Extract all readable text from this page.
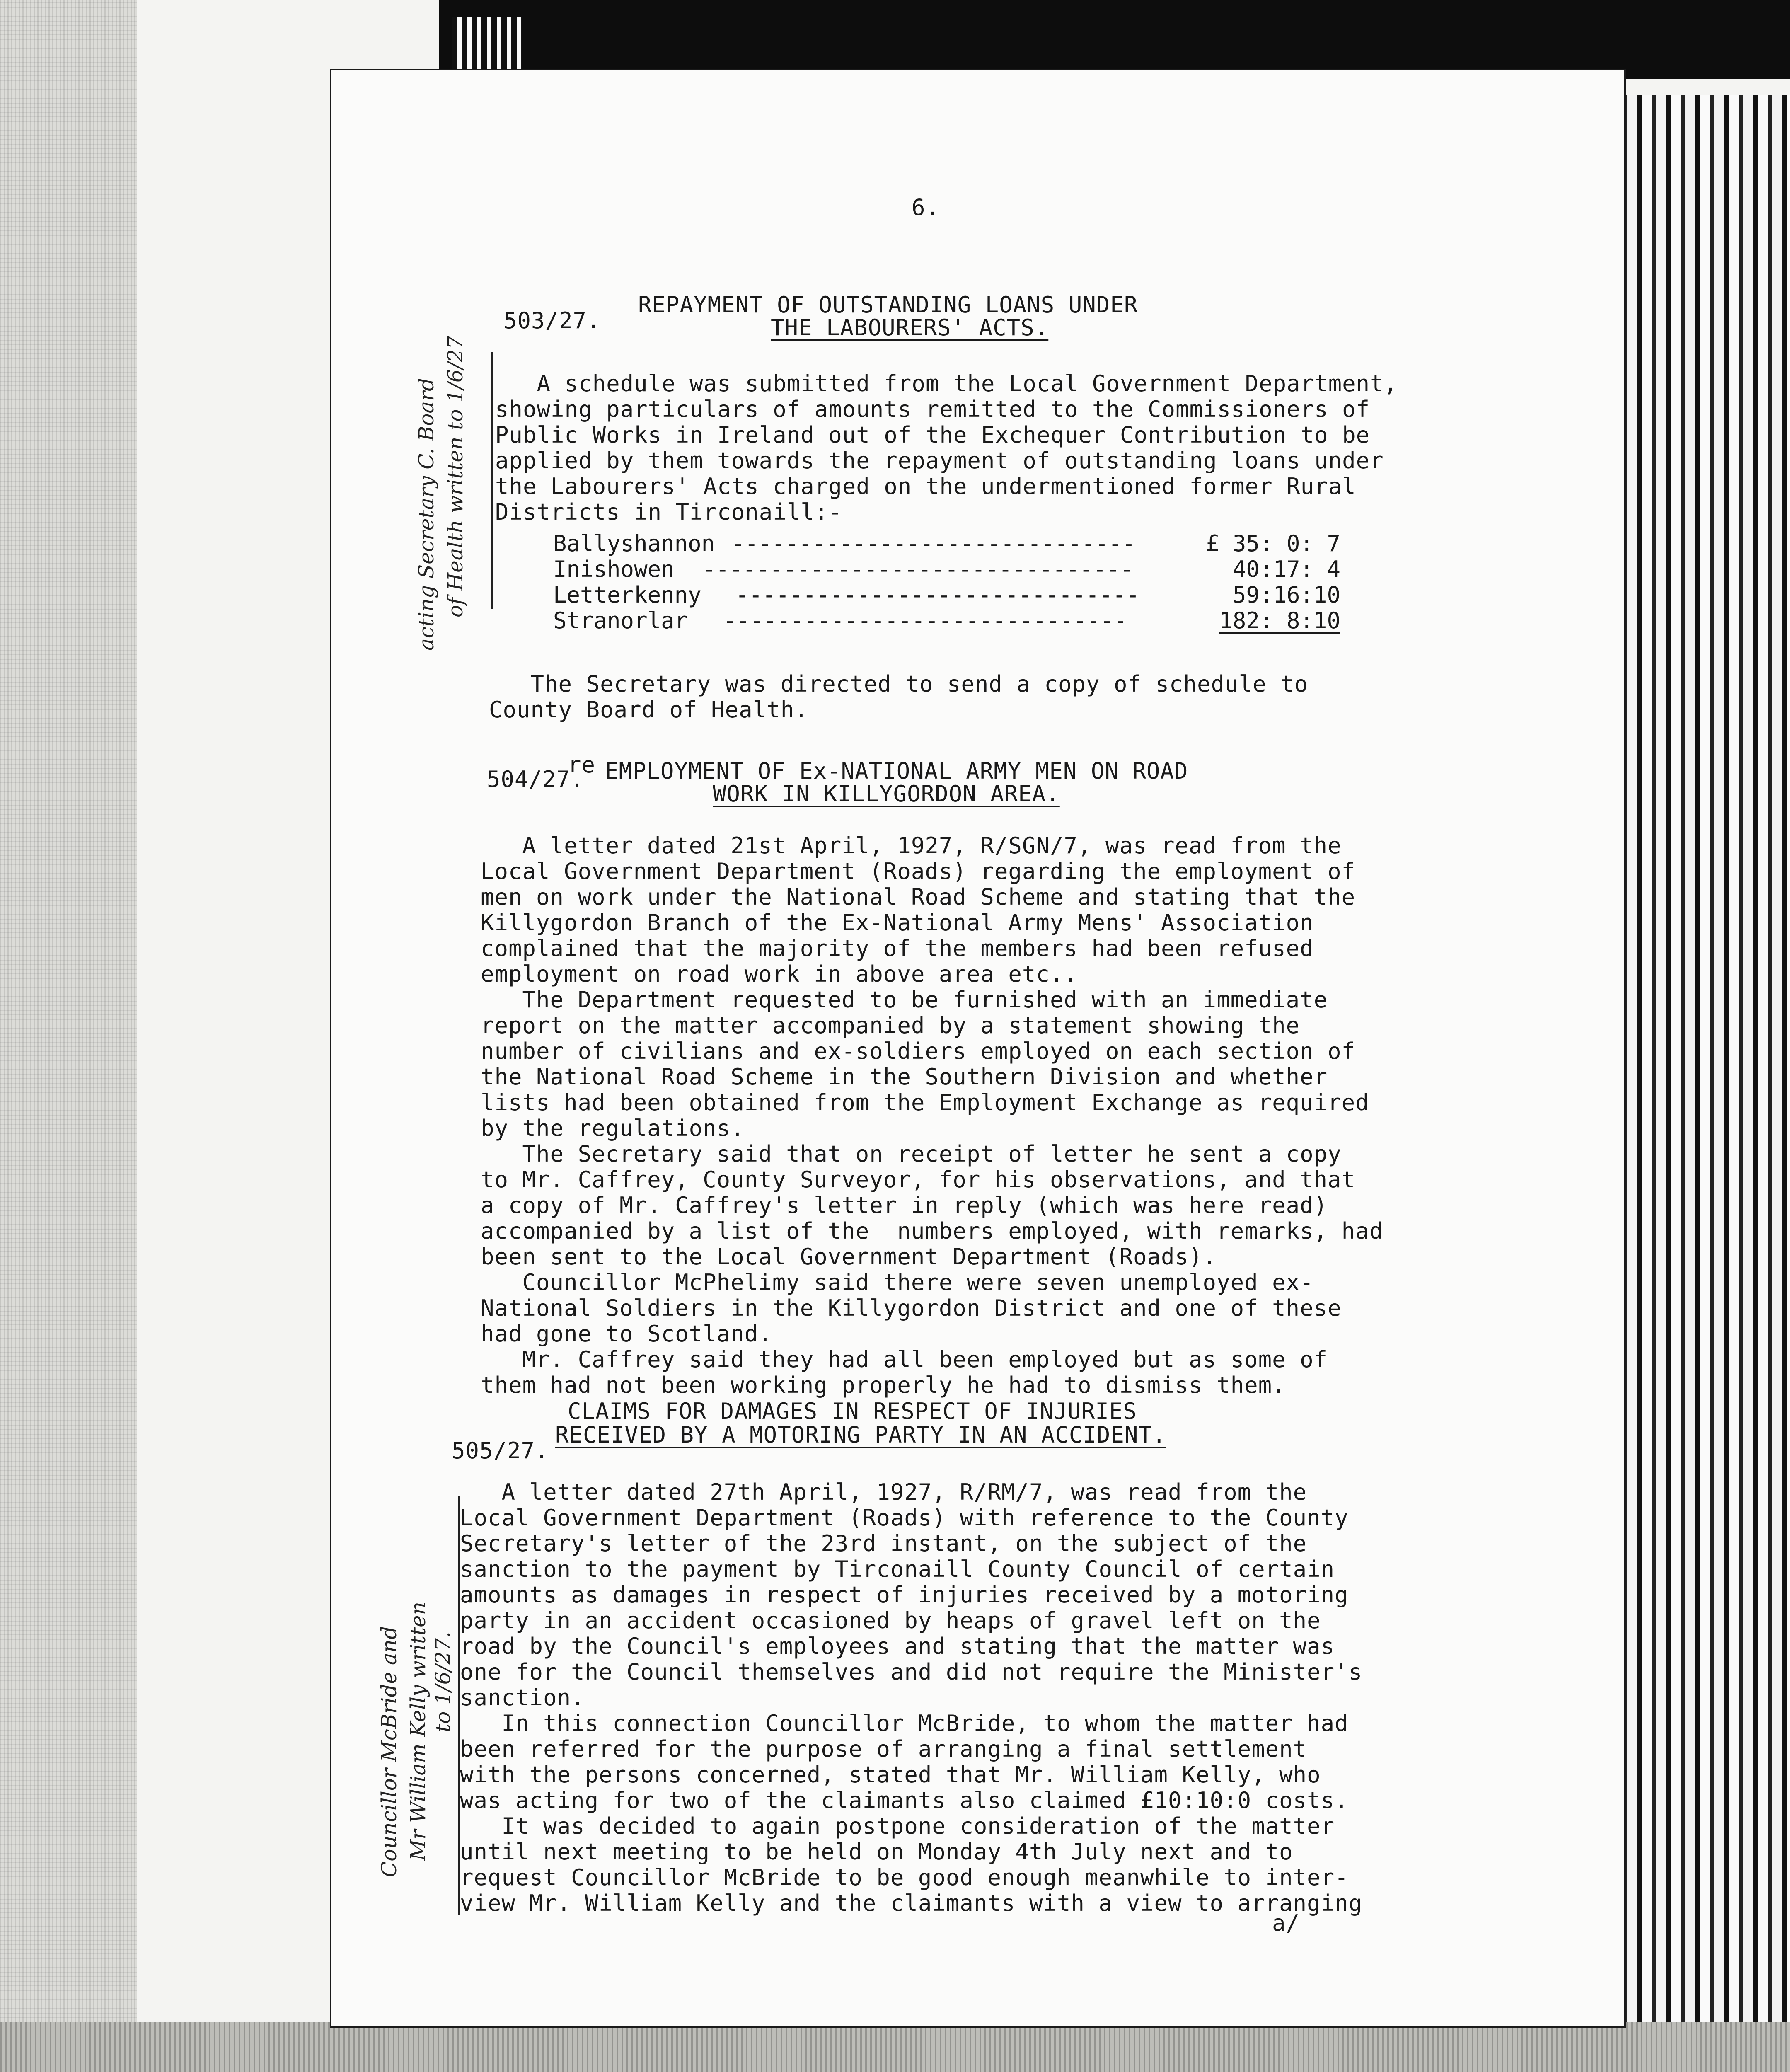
6.
503/27.
REPAYMENT OF OUTSTANDING LOANS UNDER
THE LABOURERS' ACTS.
acting Secretary C. Board of Health written to 1/6/27 A schedule was submitted from the Local Government Department,
showing particulars of amounts remitted to the Commissioners of
Public Works in Ireland out of the Exchequer Contribution to be
applied by them towards the repayment of outstanding loans under
the Labourers' Acts charged on the undermentioned former Rural
Districts in Tirconaill:-
Ballyshannon ------------------------------	£ 35: 0: 7
Inishowen --------------------------------	40:17: 4
Letterkenny ------------------------------	59:16:10
Stranorlar ------------------------------	182: 8:10
The Secretary was directed to send a copy of schedule to
County Board of Health.
504/27.
re EMPLOYMENT OF Ex-NATIONAL ARMY MEN ON ROAD
WORK IN KILLYGORDON AREA.
A letter dated 21st April, 1927, R/SGN/7, was read from the
Local Government Department (Roads) regarding the employment of
men on work under the National Road Scheme and stating that the
Killygordon Branch of the Ex-National Army Mens' Association
complained that the majority of the members had been refused
employment on road work in above area etc..
The Department requested to be furnished with an immediate
report on the matter accompanied by a statement showing the
number of civilians and ex-soldiers employed on each section of
the National Road Scheme in the Southern Division and whether
lists had been obtained from the Employment Exchange as required
by the regulations.
The Secretary said that on receipt of letter he sent a copy
to Mr. Caffrey, County Surveyor, for his observations, and that
a copy of Mr. Caffrey's letter in reply (which was here read)
accompanied by a list of the  numbers employed, with remarks, had
been sent to the Local Government Department (Roads).
Councillor McPhelimy said there were seven unemployed ex-
National Soldiers in the Killygordon District and one of these
had gone to Scotland.
Mr. Caffrey said they had all been employed but as some of
them had not been working properly he had to dismiss them.
505/27.
CLAIMS FOR DAMAGES IN RESPECT OF INJURIES
RECEIVED BY A MOTORING PARTY IN AN ACCIDENT.
Councillor McBride and Mr William Kelly written to 1/6/27.
A letter dated 27th April, 1927, R/RM/7, was read from the
Local Government Department (Roads) with reference to the County
Secretary's letter of the 23rd instant, on the subject of the
sanction to the payment by Tirconaill County Council of certain
amounts as damages in respect of injuries received by a motoring
party in an accident occasioned by heaps of gravel left on the
road by the Council's employees and stating that the matter was
one for the Council themselves and did not require the Minister's
sanction.
In this connection Councillor McBride, to whom the matter had
been referred for the purpose of arranging a final settlement
with the persons concerned, stated that Mr. William Kelly, who
was acting for two of the claimants also claimed £10:10:0 costs.
It was decided to again postpone consideration of the matter
until next meeting to be held on Monday 4th July next and to
request Councillor McBride to be good enough meanwhile to inter-
view Mr. William Kelly and the claimants with a view to arranging
a/
